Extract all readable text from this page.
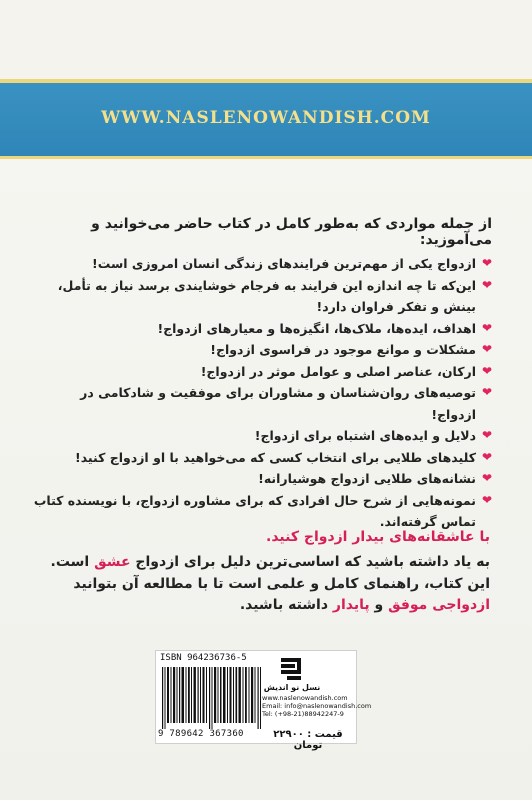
WWW.NASLENOWANDISH.COM
از جمله مواردی که به‌طور کامل در کتاب حاضر می‌خوانید و می‌آموزید:
❤
ازدواج یکی از مهم‌ترین فرایندهای زندگی انسان امروزی است!
❤
این‌که تا چه اندازه این فرایند به فرجام خوشایندی برسد نیاز به تأمل، بینش و تفکر فراوان دارد!
❤
اهداف، ایده‌ها، ملاک‌ها، انگیزه‌ها و معیارهای ازدواج!
❤
مشکلات و موانع موجود در فراسوی ازدواج!
❤
ارکان، عناصر اصلی و عوامل موثر در ازدواج!
❤
توصیه‌های روان‌شناسان و مشاوران برای موفقیت و شادکامی در ازدواج!
❤
دلایل و ایده‌های اشتباه برای ازدواج!
❤
کلیدهای طلایی برای انتخاب کسی که می‌خواهید با او ازدواج کنید!
❤
نشانه‌های طلایی ازدواج هوشیارانه!
❤
نمونه‌هایی از شرح حال افرادی که برای مشاوره ازدواج، با نویسنده کتاب تماس گرفته‌اند.
با عاشقانه‌های بیدار ازدواج کنید.
به یاد داشته باشید که اساسی‌ترین دلیل برای ازدواج عشق است.
این کتاب، راهنمای کامل و علمی است تا با مطالعه آن بتوانید
ازدواجی موفق و پایدار داشته باشید.
ISBN 964236736-5
9 789642 367360
نسل نو اندیش
www.naslenowandish.com
Email: info@naslenowandish.com
Tel: (+98-21)88942247-9
قیمت : ۲۲۹۰۰ تومان
